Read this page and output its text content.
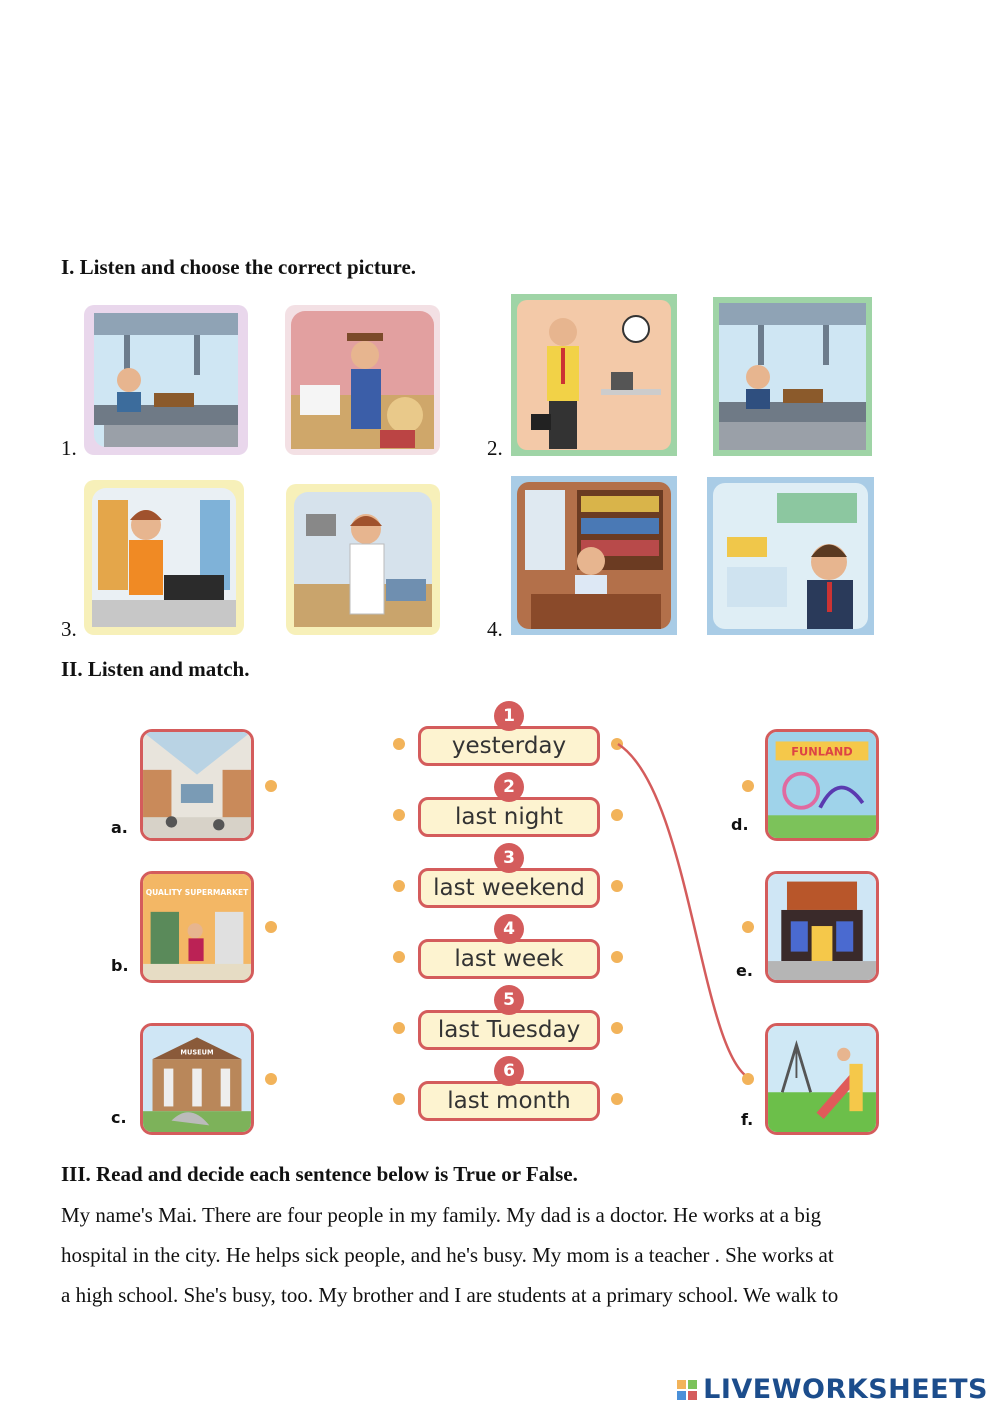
I. Listen and choose the correct picture.
1.	2.
3.	4.
II. Listen and match.
a.
QUALITY SUPERMARKET
b.
MUSEUM
c.
yesterday
1
last night
2
last weekend
3
last week
4
last Tuesday
5
last month
6
FUNLAND
d.
e.
f.
III. Read and decide each sentence below is True or False.
My name's Mai. There are four people in my family. My dad is a doctor. He works at a big
hospital in the city. He helps sick people, and he's busy. My mom is a teacher . She works at
a high school. She's busy, too. My brother and I are students at a primary school. We walk to
LIVEWORKSHEETS
